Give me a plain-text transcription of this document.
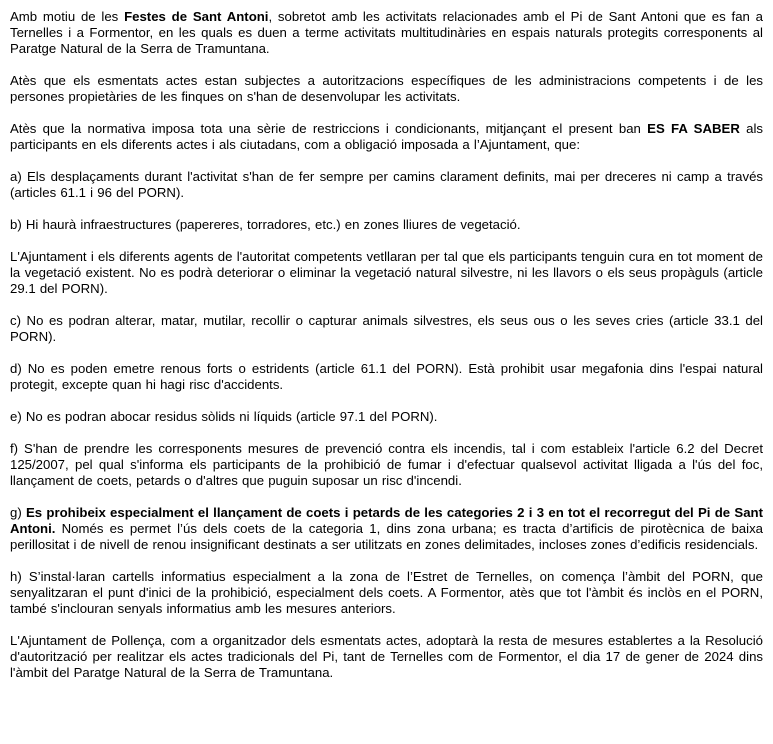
Amb motiu de les Festes de Sant Antoni, sobretot amb les activitats relacionades amb el Pi de Sant Antoni que es fan a Ternelles i a Formentor, en les quals es duen a terme activitats multitudinàries en espais naturals protegits corresponents al Paratge Natural de la Serra de Tramuntana.

Atès que els esmentats actes estan subjectes a autoritzacions específiques de les administracions competents i de les persones propietàries de les finques on s'han de desenvolupar les activitats.

Atès que la normativa imposa tota una sèrie de restriccions i condicionants, mitjançant el present ban ES FA SABER als participants en els diferents actes i als ciutadans, com a obligació imposada a l’Ajuntament, que:

a) Els desplaçaments durant l'activitat s'han de fer sempre per camins clarament definits, mai per dreceres ni camp a través (articles 61.1 i 96 del PORN).

b) Hi haurà infraestructures (papereres, torradores, etc.) en zones lliures de vegetació.

L'Ajuntament i els diferents agents de l'autoritat competents vetllaran per tal que els participants tenguin cura en tot moment de la vegetació existent. No es podrà deteriorar o eliminar la vegetació natural silvestre, ni les llavors o els seus propàguls (article 29.1 del PORN).

c) No es podran alterar, matar, mutilar, recollir o capturar animals silvestres, els seus ous o les seves cries (article 33.1 del PORN).

d) No es poden emetre renous forts o estridents (article 61.1 del PORN). Està prohibit usar megafonia dins l'espai natural protegit, excepte quan hi hagi risc d'accidents.

e) No es podran abocar residus sòlids ni líquids (article 97.1 del PORN).

f) S'han de prendre les corresponents mesures de prevenció contra els incendis, tal i com estableix l'article 6.2 del Decret 125/2007, pel qual s'informa els participants de la prohibició de fumar i d'efectuar qualsevol activitat lligada a l'ús del foc, llançament de coets, petards o d'altres que puguin suposar un risc d'incendi.

g) Es prohibeix especialment el llançament de coets i petards de les categories 2 i 3 en tot el recorregut del Pi de Sant Antoni. Només es permet l’ús dels coets de la categoria 1, dins zona urbana; es tracta d’artificis de pirotècnica de baixa perillositat i de nivell de renou insignificant destinats a ser utilitzats en zones delimitades, incloses zones d’edificis residencials.

h) S’instal·laran cartells informatius especialment a la zona de l’Estret de Ternelles, on comença l’àmbit del PORN, que senyalitzaran el punt d'inici de la prohibició, especialment dels coets. A Formentor, atès que tot l'àmbit és inclòs en el PORN, també s'inclouran senyals informatius amb les mesures anteriors.

L'Ajuntament de Pollença, com a organitzador dels esmentats actes, adoptarà la resta de mesures establertes a la Resolució d'autorització per realitzar els actes tradicionals del Pi, tant de Ternelles com de Formentor, el dia 17 de gener de 2024 dins l'àmbit del Paratge Natural de la Serra de Tramuntana.
